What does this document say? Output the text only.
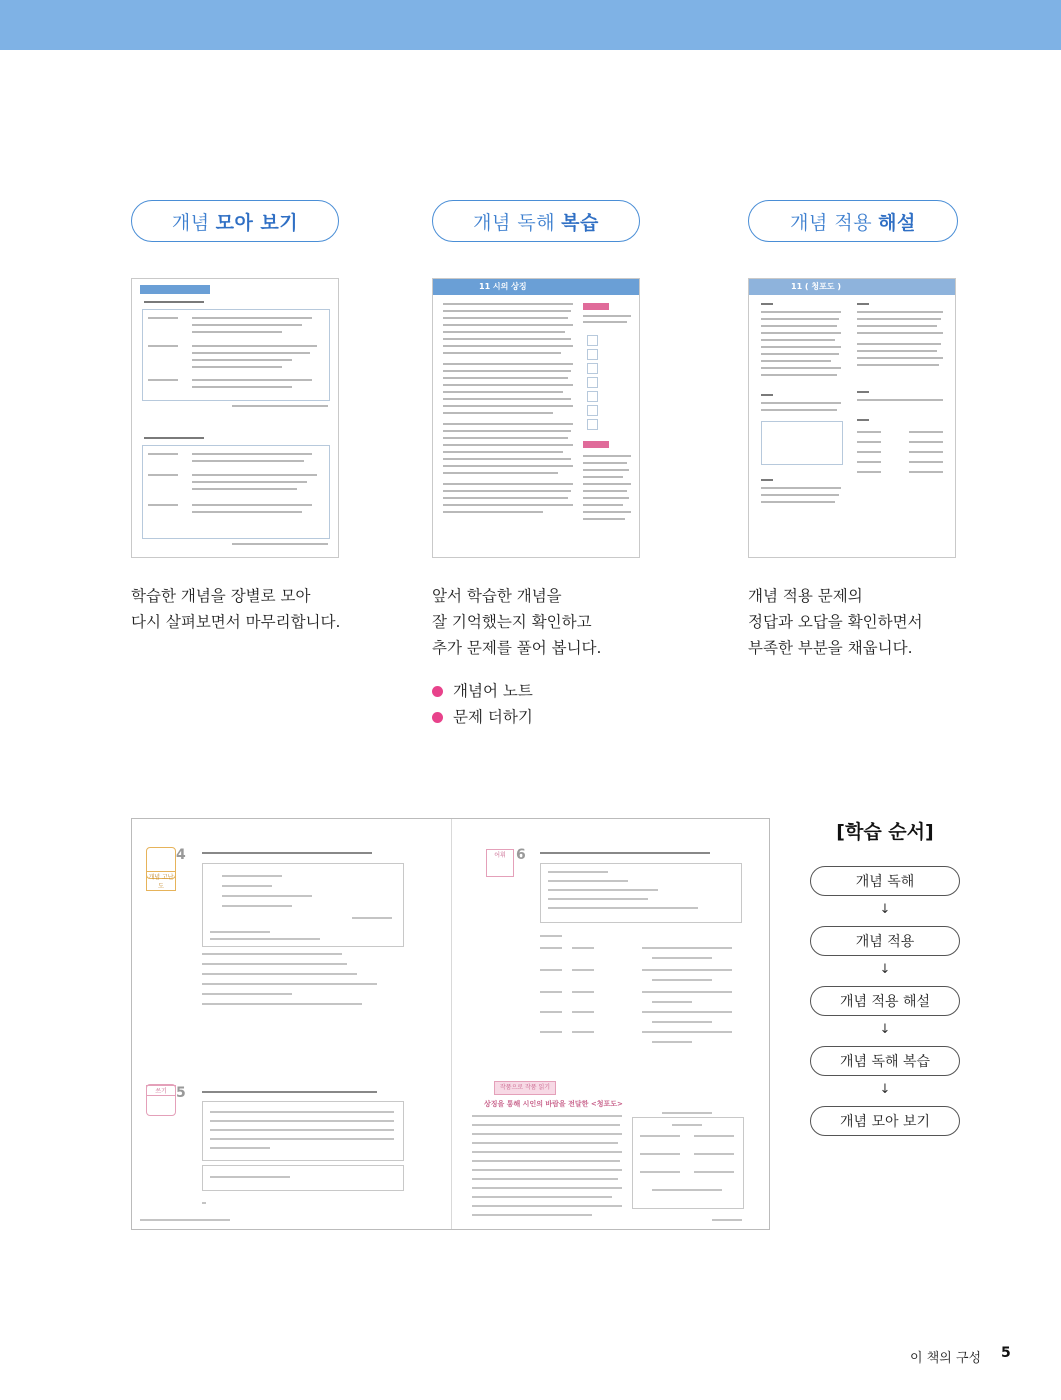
개념 모아 보기	개념 독해 복습	개념 적용 해설
11 시의 상징	11 ( 청포도 )
학습한 개념을 장별로 모아
다시 살펴보면서 마무리합니다.
앞서 학습한 개념을
잘 기억했는지 확인하고
추가 문제를 풀어 봅니다.
개념 적용 문제의
정답과 오답을 확인하면서
부족한 부분을 채웁니다.
개념어 노트
문제 더하기
개념 고난도
4
쓰기 5
어휘 6
작품으로 작품 읽기
상징을 통해 시인의 바람을 전달한 <청포도>
[학습 순서]
개념 독해
↓
개념 적용
↓
개념 적용 해설
↓
개념 독해 복습
↓
개념 모아 보기
이 책의 구성 5
